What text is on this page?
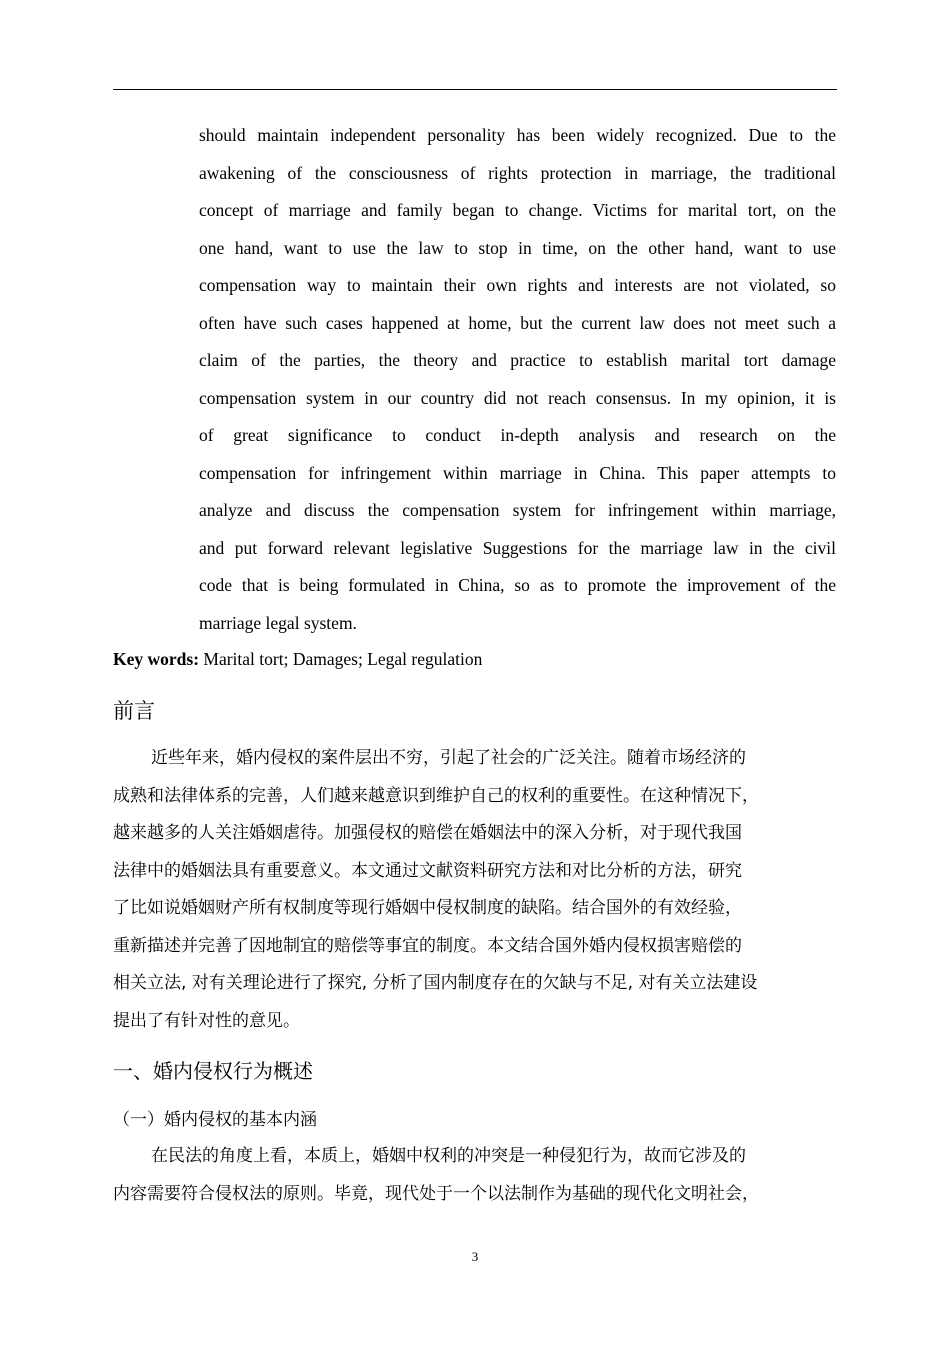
should maintain independent personality has been widely recognized. Due to the
awakening of the consciousness of rights protection in marriage, the traditional
concept of marriage and family began to change. Victims for marital tort, on the
one hand, want to use the law to stop in time, on the other hand, want to use
compensation way to maintain their own rights and interests are not violated, so
often have such cases happened at home, but the current law does not meet such a
claim of the parties, the theory and practice to establish marital tort damage
compensation system in our country did not reach consensus. In my opinion, it is
of great significance to conduct in-depth analysis and research on the
compensation for infringement within marriage in China. This paper attempts to
analyze and discuss the compensation system for infringement within marriage,
and put forward relevant legislative Suggestions for the marriage law in the civil
code that is being formulated in China, so as to promote the improvement of the
marriage legal system.
Key words: Marital tort; Damages; Legal regulation
前言
近些年来，婚内侵权的案件层出不穷，引起了社会的广泛关注。随着市场经济的
成熟和法律体系的完善，人们越来越意识到维护自己的权利的重要性。在这种情况下，
越来越多的人关注婚姻虐待。加强侵权的赔偿在婚姻法中的深入分析，对于现代我国
法律中的婚姻法具有重要意义。本文通过文献资料研究方法和对比分析的方法，研究
了比如说婚姻财产所有权制度等现行婚姻中侵权制度的缺陷。结合国外的有效经验，
重新描述并完善了因地制宜的赔偿等事宜的制度。本文结合国外婚内侵权损害赔偿的
相关立法, 对有关理论进行了探究, 分析了国内制度存在的欠缺与不足, 对有关立法建设
提出了有针对性的意见。
一、婚内侵权行为概述
（一）婚内侵权的基本内涵
在民法的角度上看，本质上，婚姻中权利的冲突是一种侵犯行为，故而它涉及的
内容需要符合侵权法的原则。毕竟，现代处于一个以法制作为基础的现代化文明社会，
3
